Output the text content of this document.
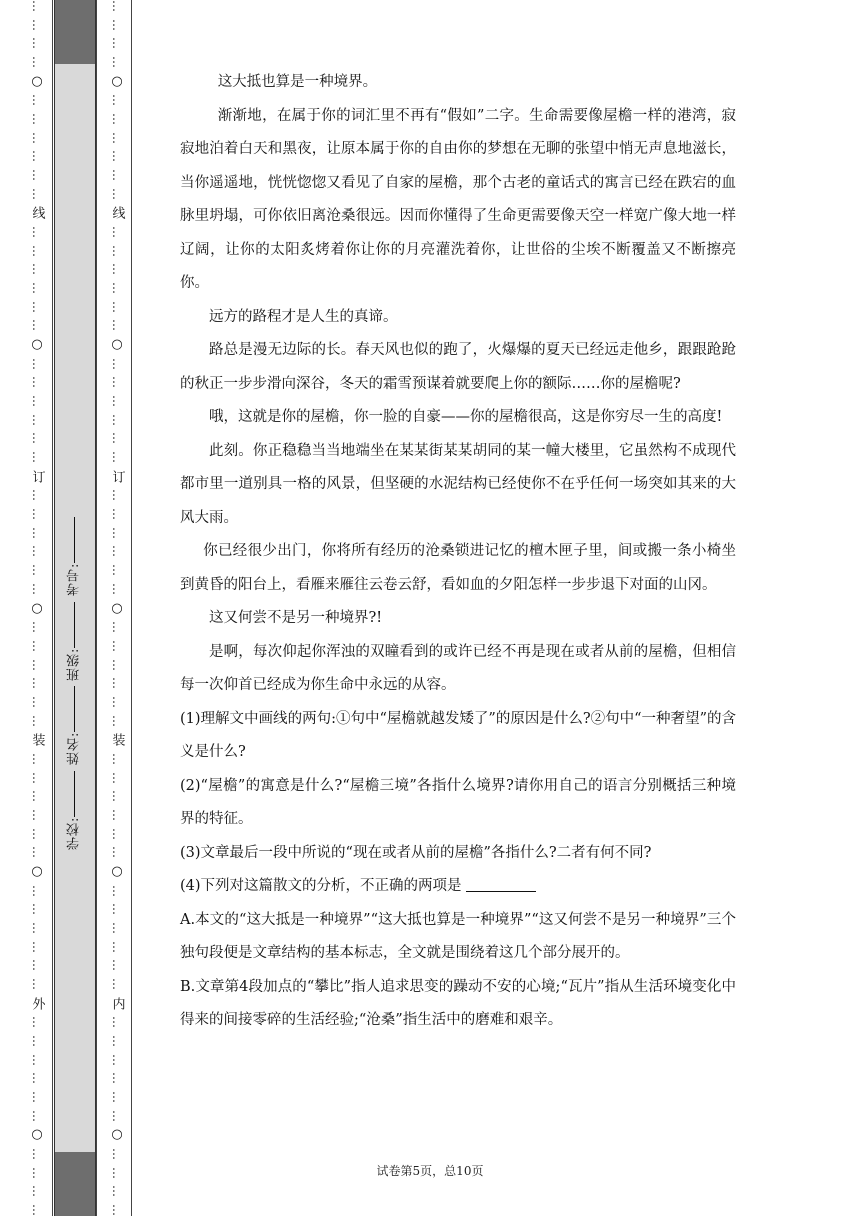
…
…
…
…
○
…
…
…
…
…
…
线
…
…
…
…
…
…
○
…
…
…
…
…
…
订
…
…
…
…
…
…
○
…
…
…
…
…
…
装
…
…
…
…
…
…
○
…
…
…
…
…
…
外
…
…
…
…
…
…
○
…
…
…
…
学校: 姓名: 班级: 考号:
…
…
…
…
○
…
…
…
…
…
…
线
…
…
…
…
…
…
○
…
…
…
…
…
…
订
…
…
…
…
…
…
○
…
…
…
…
…
…
装
…
…
…
…
…
…
○
…
…
…
…
…
…
内
…
…
…
…
…
…
○
…
…
…
…

这大抵也算是一种境界。

渐渐地，在属于你的词汇里不再有“假如”二字。生命需要像屋檐一样的港湾，寂寂地泊着白天和黑夜，让原本属于你的自由你的梦想在无聊的张望中悄无声息地滋长，当你遥遥地，恍恍惚惚又看见了自家的屋檐，那个古老的童话式的寓言已经在跌宕的血脉里坍塌，可你依旧离沧桑很远。因而你懂得了生命更需要像天空一样宽广像大地一样辽阔，让你的太阳炙烤着你让你的月亮灌洗着你，让世俗的尘埃不断覆盖又不断擦亮你。

远方的路程才是人生的真谛。

路总是漫无边际的长。春天风也似的跑了，火爆爆的夏天已经远走他乡，跟跟跄跄的秋正一步步滑向深谷，冬天的霜雪预谋着就要爬上你的额际……你的屋檐呢?

哦，这就是你的屋檐，你一脸的自豪——你的屋檐很高，这是你穷尽一生的高度!

此刻。你正稳稳当当地端坐在某某街某某胡同的某一幢大楼里，它虽然构不成现代都市里一道别具一格的风景，但坚硬的水泥结构已经使你不在乎任何一场突如其来的大风大雨。

你已经很少出门，你将所有经历的沧桑锁进记忆的檀木匣子里，间或搬一条小椅坐到黄昏的阳台上，看雁来雁往云卷云舒，看如血的夕阳怎样一步步退下对面的山冈。

这又何尝不是另一种境界?!

是啊，每次仰起你浑浊的双瞳看到的或许已经不再是现在或者从前的屋檐，但相信每一次仰首已经成为你生命中永远的从容。

(1)理解文中画线的两句:①句中“屋檐就越发矮了”的原因是什么?②句中“一种奢望”的含义是什么?

(2)“屋檐”的寓意是什么?“屋檐三境”各指什么境界?请你用自己的语言分别概括三种境界的特征。

(3)文章最后一段中所说的“现在或者从前的屋檐”各指什么?二者有何不同?

(4)下列对这篇散文的分析，不正确的两项是

A.本文的“这大抵是一种境界”“这大抵也算是一种境界”“这又何尝不是另一种境界”三个独句段便是文章结构的基本标志，全文就是围绕着这几个部分展开的。

B.文章第4段加点的“攀比”指人追求思变的躁动不安的心境;“瓦片”指从生活环境变化中得来的间接零碎的生活经验;“沧桑”指生活中的磨难和艰辛。

试卷第5页，总10页
